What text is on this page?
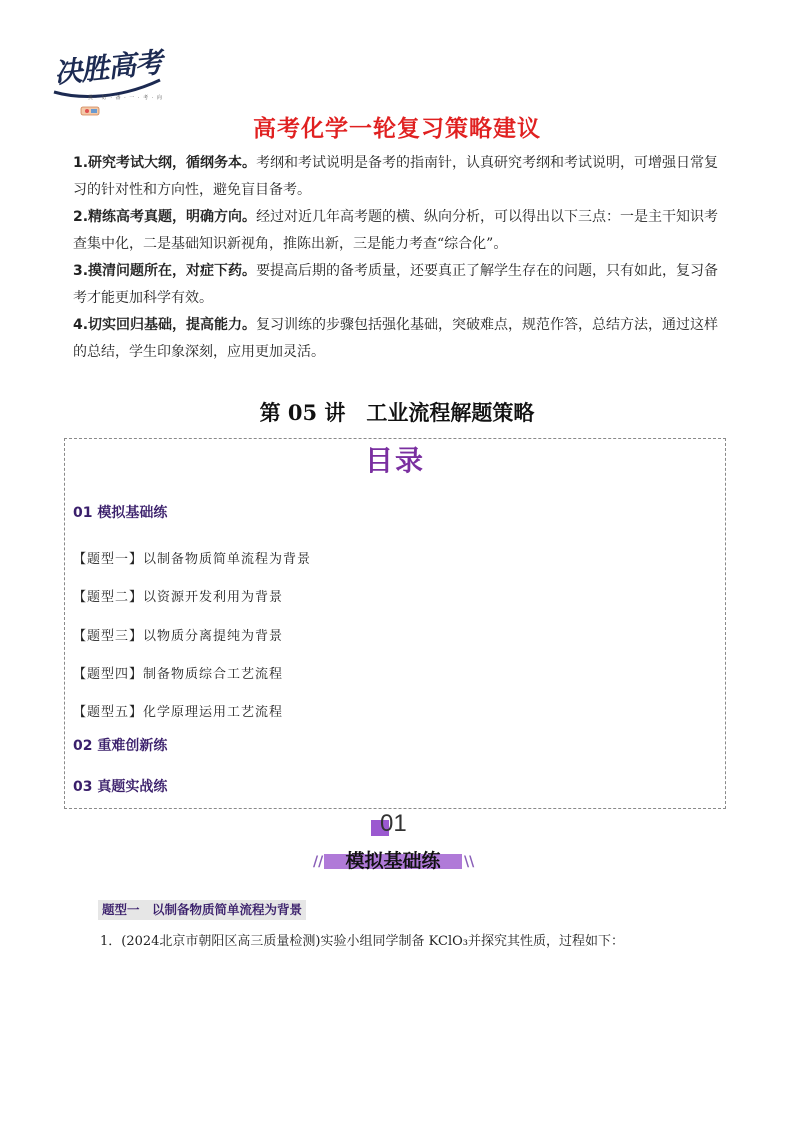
决胜高考
挑 · 好 · 备 · 一 · 考 · 向
高考化学一轮复习策略建议

1.研究考试大纲，循纲务本。考纲和考试说明是备考的指南针，认真研究考纲和考试说明，可增强日常复习的针对性和方向性，避免盲目备考。

2.精练高考真题，明确方向。经过对近几年高考题的横、纵向分析，可以得出以下三点：一是主干知识考查集中化，二是基础知识新视角，推陈出新，三是能力考查“综合化”。

3.摸清问题所在，对症下药。要提高后期的备考质量，还要真正了解学生存在的问题，只有如此，复习备考才能更加科学有效。

4.切实回归基础，提高能力。复习训练的步骤包括强化基础，突破难点，规范作答，总结方法，通过这样的总结，学生印象深刻，应用更加灵活。

第 05 讲　工业流程解题策略
目录
01 模拟基础练
【题型一】以制备物质简单流程为背景
【题型二】以资源开发利用为背景
【题型三】以物质分离提纯为背景
【题型四】制备物质综合工艺流程
【题型五】化学原理运用工艺流程
02 重难创新练
03 真题实战练
01
//	模拟基础练	\\
题型一　以制备物质简单流程为背景
1．(2024北京市朝阳区高三质量检测)实验小组同学制备 KClO₃并探究其性质，过程如下：
